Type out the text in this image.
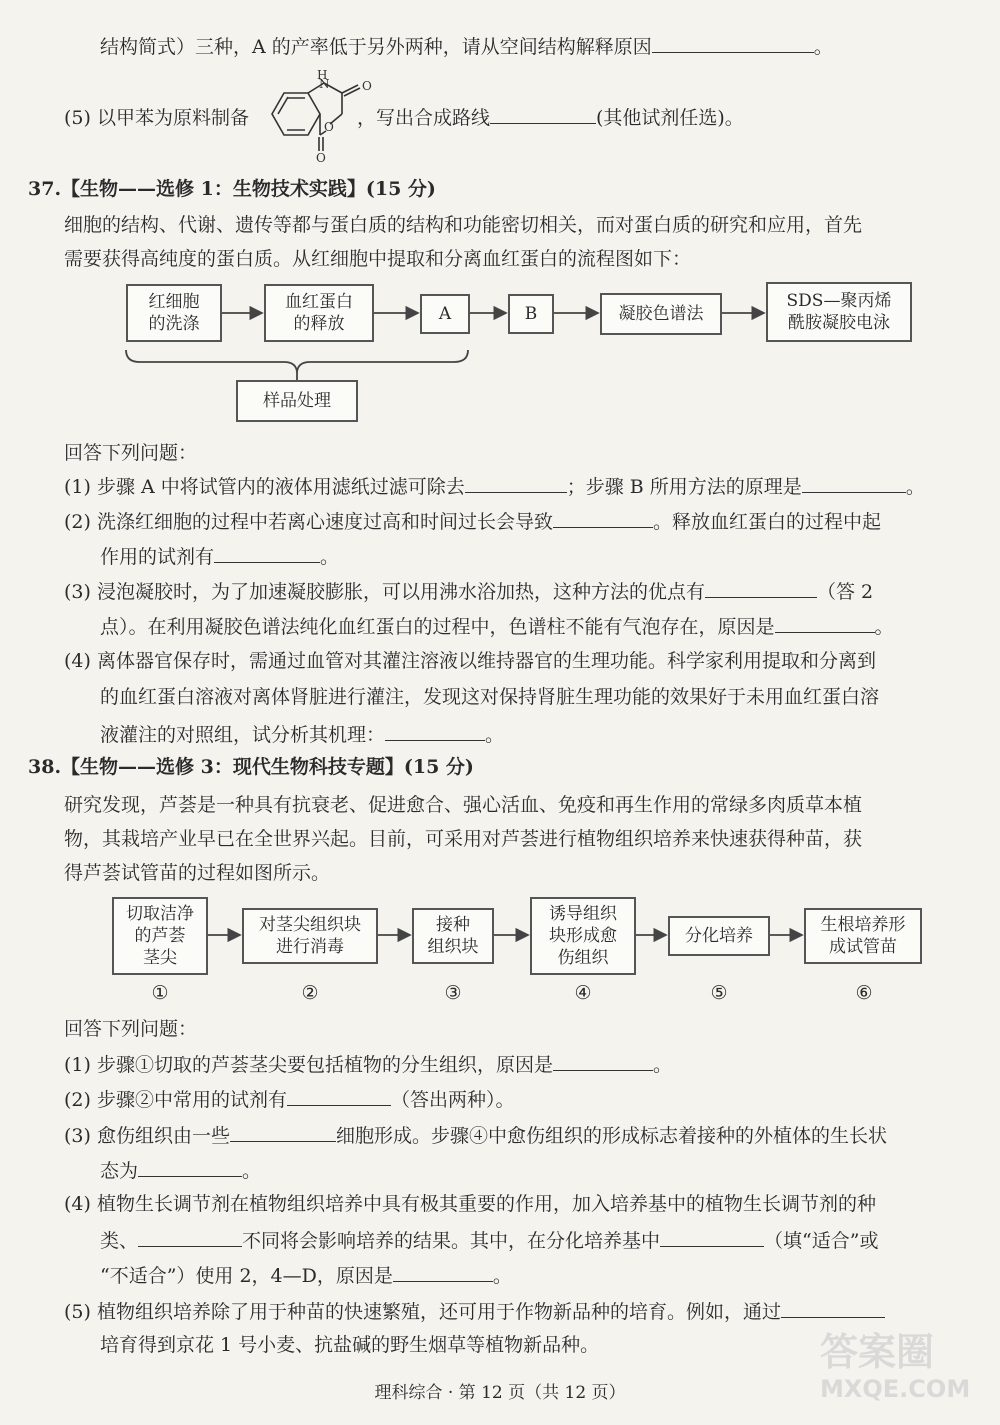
结构简式）三种，A 的产率低于另外两种，请从空间结构解释原因	。
(5) 以甲苯为原料制备	，写出合成路线	(其他试剂任选)。
H
N	O
O
O
37.【生物——选修 1：生物技术实践】(15 分)
细胞的结构、代谢、遗传等都与蛋白质的结构和功能密切相关，而对蛋白质的研究和应用，首先
需要获得高纯度的蛋白质。从红细胞中提取和分离血红蛋白的流程图如下：
红细胞
的洗涤
血红蛋白
的释放	A	B	凝胶色谱法
SDS—聚丙烯
酰胺凝胶电泳
样品处理
回答下列问题：
(1) 步骤 A 中将试管内的液体用滤纸过滤可除去	；步骤 B 所用方法的原理是	。
(2) 洗涤红细胞的过程中若离心速度过高和时间过长会导致	。释放血红蛋白的过程中起
作用的试剂有	。
(3) 浸泡凝胶时，为了加速凝胶膨胀，可以用沸水浴加热，这种方法的优点有	（答 2
点）。在利用凝胶色谱法纯化血红蛋白的过程中，色谱柱不能有气泡存在，原因是	。
(4) 离体器官保存时，需通过血管对其灌注溶液以维持器官的生理功能。科学家利用提取和分离到
的血红蛋白溶液对离体肾脏进行灌注，发现这对保持肾脏生理功能的效果好于未用血红蛋白溶
液灌注的对照组，试分析其机理：	。
38.【生物——选修 3：现代生物科技专题】(15 分)
研究发现，芦荟是一种具有抗衰老、促进愈合、强心活血、免疫和再生作用的常绿多肉质草本植
物，其栽培产业早已在全世界兴起。目前，可采用对芦荟进行植物组织培养来快速获得种苗，获
得芦荟试管苗的过程如图所示。
切取洁净
的芦荟
茎尖
对茎尖组织块
进行消毒
接种
组织块
诱导组织
块形成愈
伤组织
分化培养
生根培养形
成试管苗
①	②	③	④	⑤	⑥
回答下列问题：
(1) 步骤①切取的芦荟茎尖要包括植物的分生组织，原因是	。
(2) 步骤②中常用的试剂有	（答出两种）。
(3) 愈伤组织由一些	细胞形成。步骤④中愈伤组织的形成标志着接种的外植体的生长状
态为	。
(4) 植物生长调节剂在植物组织培养中具有极其重要的作用，加入培养基中的植物生长调节剂的种
类、	不同将会影响培养的结果。其中，在分化培养基中	（填“适合”或
“不适合”）使用 2，4—D，原因是	。
(5) 植物组织培养除了用于种苗的快速繁殖，还可用于作物新品种的培育。例如，通过
培育得到京花 1 号小麦、抗盐碱的野生烟草等植物新品种。
理科综合 · 第 12 页（共 12 页）
答案圈
MXQE.COM
